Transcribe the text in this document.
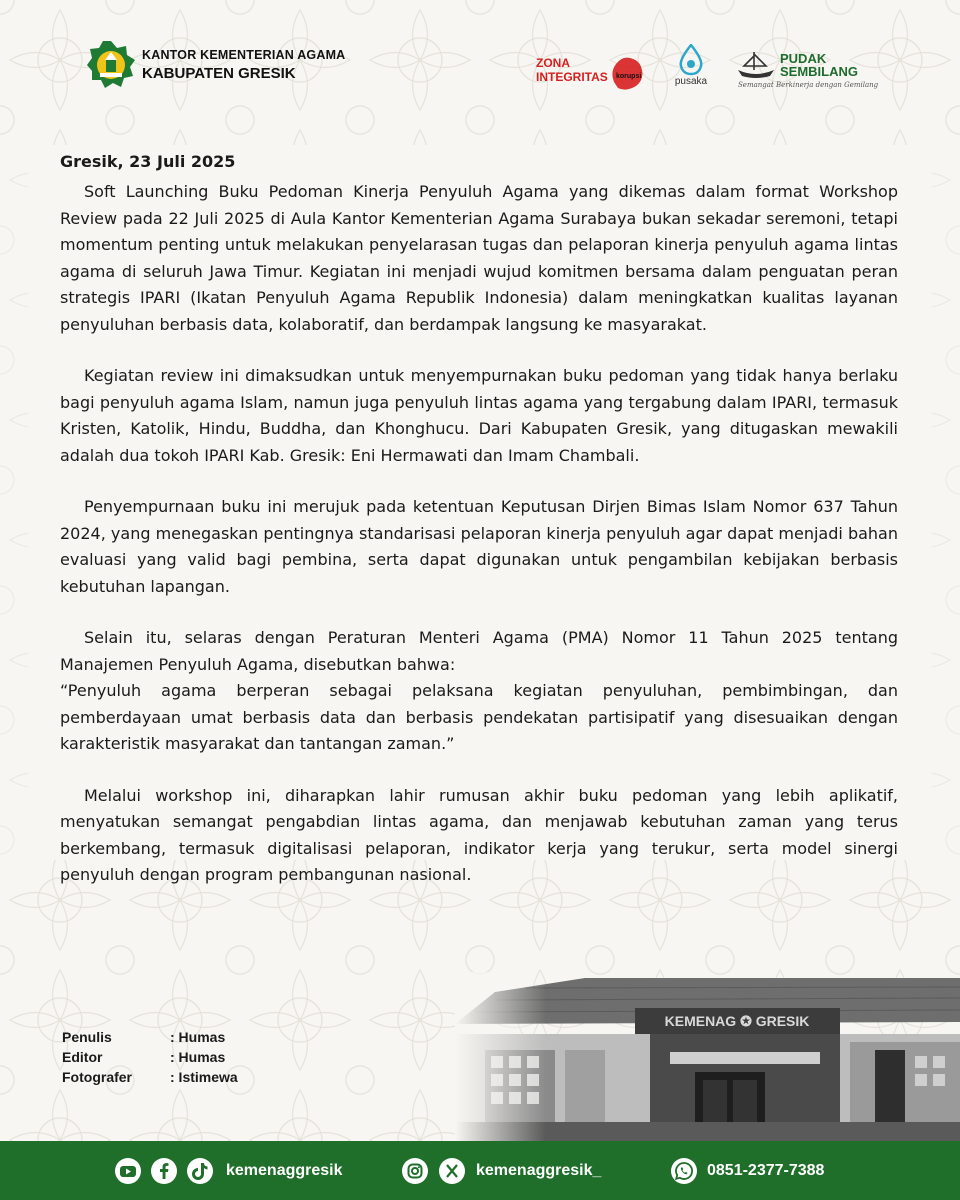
KANTOR KEMENTERIAN AGAMA
KABUPATEN GRESIK
ZONA
INTEGRITAS korupsi	pusaka
PUDAK
SEMBILANG
Semangat Berkinerja dengan Gemilang

Gresik, 23 Juli 2025

Soft Launching Buku Pedoman Kinerja Penyuluh Agama yang dikemas dalam format Workshop Review pada 22 Juli 2025 di Aula Kantor Kementerian Agama Surabaya bukan sekadar seremoni, tetapi momentum penting untuk melakukan penyelarasan tugas dan pelaporan kinerja penyuluh agama lintas agama di seluruh Jawa Timur. Kegiatan ini menjadi wujud komitmen bersama dalam penguatan peran strategis IPARI (Ikatan Penyuluh Agama Republik Indonesia) dalam meningkatkan kualitas layanan penyuluhan berbasis data, kolaboratif, dan berdampak langsung ke masyarakat.

Kegiatan review ini dimaksudkan untuk menyempurnakan buku pedoman yang tidak hanya berlaku bagi penyuluh agama Islam, namun juga penyuluh lintas agama yang tergabung dalam IPARI, termasuk Kristen, Katolik, Hindu, Buddha, dan Khonghucu. Dari Kabupaten Gresik, yang ditugaskan mewakili adalah dua tokoh IPARI Kab. Gresik: Eni Hermawati dan Imam Chambali.

Penyempurnaan buku ini merujuk pada ketentuan Keputusan Dirjen Bimas Islam Nomor 637 Tahun 2024, yang menegaskan pentingnya standarisasi pelaporan kinerja penyuluh agar dapat menjadi bahan evaluasi yang valid bagi pembina, serta dapat digunakan untuk pengambilan kebijakan berbasis kebutuhan lapangan.

Selain itu, selaras dengan Peraturan Menteri Agama (PMA) Nomor 11 Tahun 2025 tentang Manajemen Penyuluh Agama, disebutkan bahwa:

“Penyuluh agama berperan sebagai pelaksana kegiatan penyuluhan, pembimbingan, dan pemberdayaan umat berbasis data dan berbasis pendekatan partisipatif yang disesuaikan dengan karakteristik masyarakat dan tantangan zaman.”

Melalui workshop ini, diharapkan lahir rumusan akhir buku pedoman yang lebih aplikatif, menyatukan semangat pengabdian lintas agama, dan menjawab kebutuhan zaman yang terus berkembang, termasuk digitalisasi pelaporan, indikator kerja yang terukur, serta model sinergi penyuluh dengan program pembangunan nasional.

Penulis	: Humas
Editor	: Humas
Fotografer	: Istimewa
kemenaggresik	kemenaggresik_	0851-2377-7388
